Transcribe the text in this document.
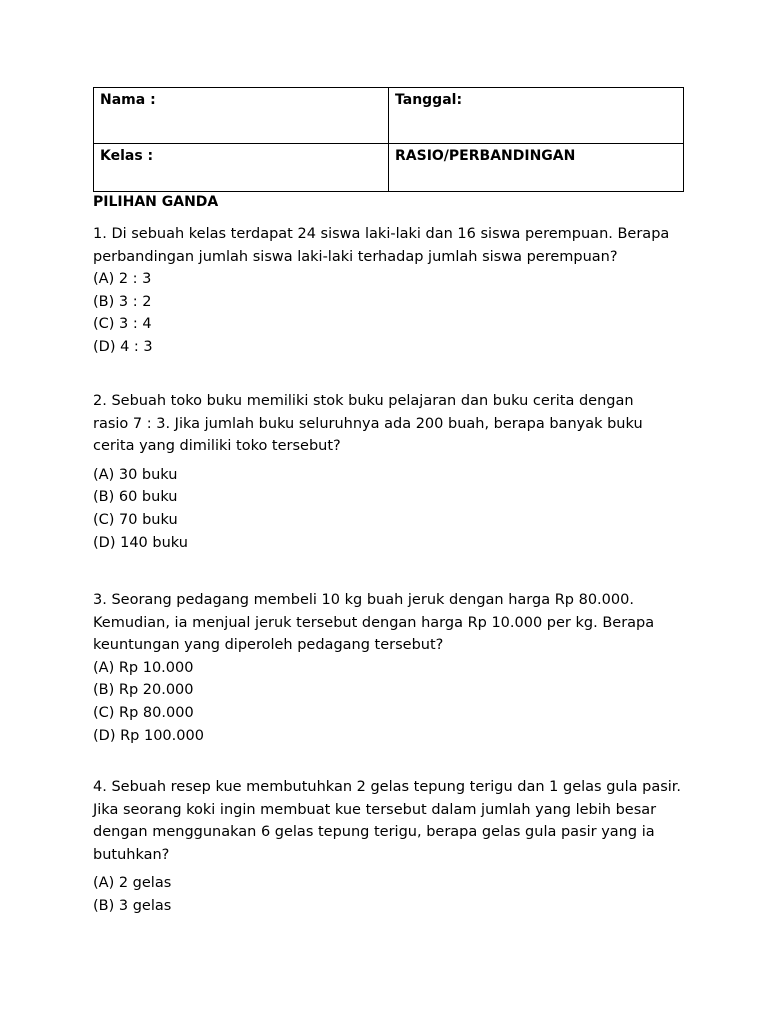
Nama :	Tanggal:
Kelas :	RASIO/PERBANDINGAN
PILIHAN GANDA

1. Di sebuah kelas terdapat 24 siswa laki-laki dan 16 siswa perempuan. Berapa
perbandingan jumlah siswa laki-laki terhadap jumlah siswa perempuan?

(A) 2 : 3
(B) 3 : 2
(C) 3 : 4
(D) 4 : 3

2. Sebuah toko buku memiliki stok buku pelajaran dan buku cerita dengan
rasio 7 : 3. Jika jumlah buku seluruhnya ada 200 buah, berapa banyak buku
cerita yang dimiliki toko tersebut?

(A) 30 buku
(B) 60 buku
(C) 70 buku
(D) 140 buku

3. Seorang pedagang membeli 10 kg buah jeruk dengan harga Rp 80.000.
Kemudian, ia menjual jeruk tersebut dengan harga Rp 10.000 per kg. Berapa
keuntungan yang diperoleh pedagang tersebut?

(A) Rp 10.000
(B) Rp 20.000
(C) Rp 80.000
(D) Rp 100.000

4. Sebuah resep kue membutuhkan 2 gelas tepung terigu dan 1 gelas gula pasir.
Jika seorang koki ingin membuat kue tersebut dalam jumlah yang lebih besar
dengan menggunakan 6 gelas tepung terigu, berapa gelas gula pasir yang ia
butuhkan?

(A) 2 gelas
(B) 3 gelas
